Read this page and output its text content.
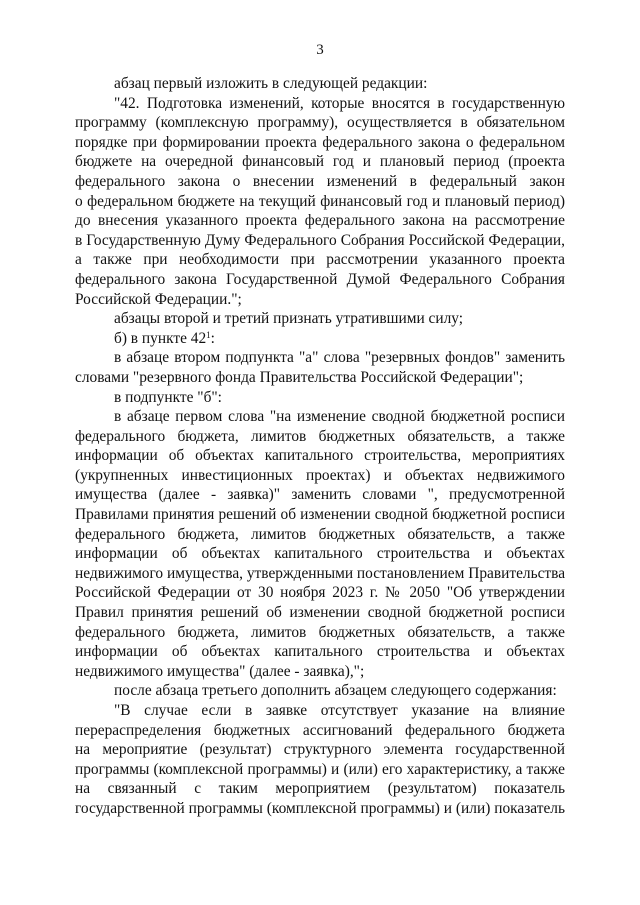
3
абзац первый изложить в следующей редакции:
"42. Подготовка изменений, которые вносятся в государственную
программу (комплексную программу), осуществляется в обязательном
порядке при формировании проекта федерального закона о федеральном
бюджете на очередной финансовый год и плановый период (проекта
федерального закона о внесении изменений в федеральный закон
о федеральном бюджете на текущий финансовый год и плановый период)
до внесения указанного проекта федерального закона на рассмотрение
в Государственную Думу Федерального Собрания Российской Федерации,
а также при необходимости при рассмотрении указанного проекта
федерального закона Государственной Думой Федерального Собрания
Российской Федерации.";
абзацы второй и третий признать утратившими силу;
б) в пункте $42^1$:
в абзаце втором подпункта "а" слова "резервных фондов" заменить
словами "резервного фонда Правительства Российской Федерации";
в подпункте "б":
в абзаце первом слова "на изменение сводной бюджетной росписи
федерального бюджета, лимитов бюджетных обязательств, а также
информации об объектах капитального строительства, мероприятиях
(укрупненных инвестиционных проектах) и объектах недвижимого
имущества (далее - заявка)" заменить словами ", предусмотренной
Правилами принятия решений об изменении сводной бюджетной росписи
федерального бюджета, лимитов бюджетных обязательств, а также
информации об объектах капитального строительства и объектах
недвижимого имущества, утвержденными постановлением Правительства
Российской Федерации от 30 ноября 2023 г. № 2050 "Об утверждении
Правил принятия решений об изменении сводной бюджетной росписи
федерального бюджета, лимитов бюджетных обязательств, а также
информации об объектах капитального строительства и объектах
недвижимого имущества" (далее - заявка),";
после абзаца третьего дополнить абзацем следующего содержания:
"В случае если в заявке отсутствует указание на влияние
перераспределения бюджетных ассигнований федерального бюджета
на мероприятие (результат) структурного элемента государственной
программы (комплексной программы) и (или) его характеристику, а также
на связанный с таким мероприятием (результатом) показатель
государственной программы (комплексной программы) и (или) показатель
